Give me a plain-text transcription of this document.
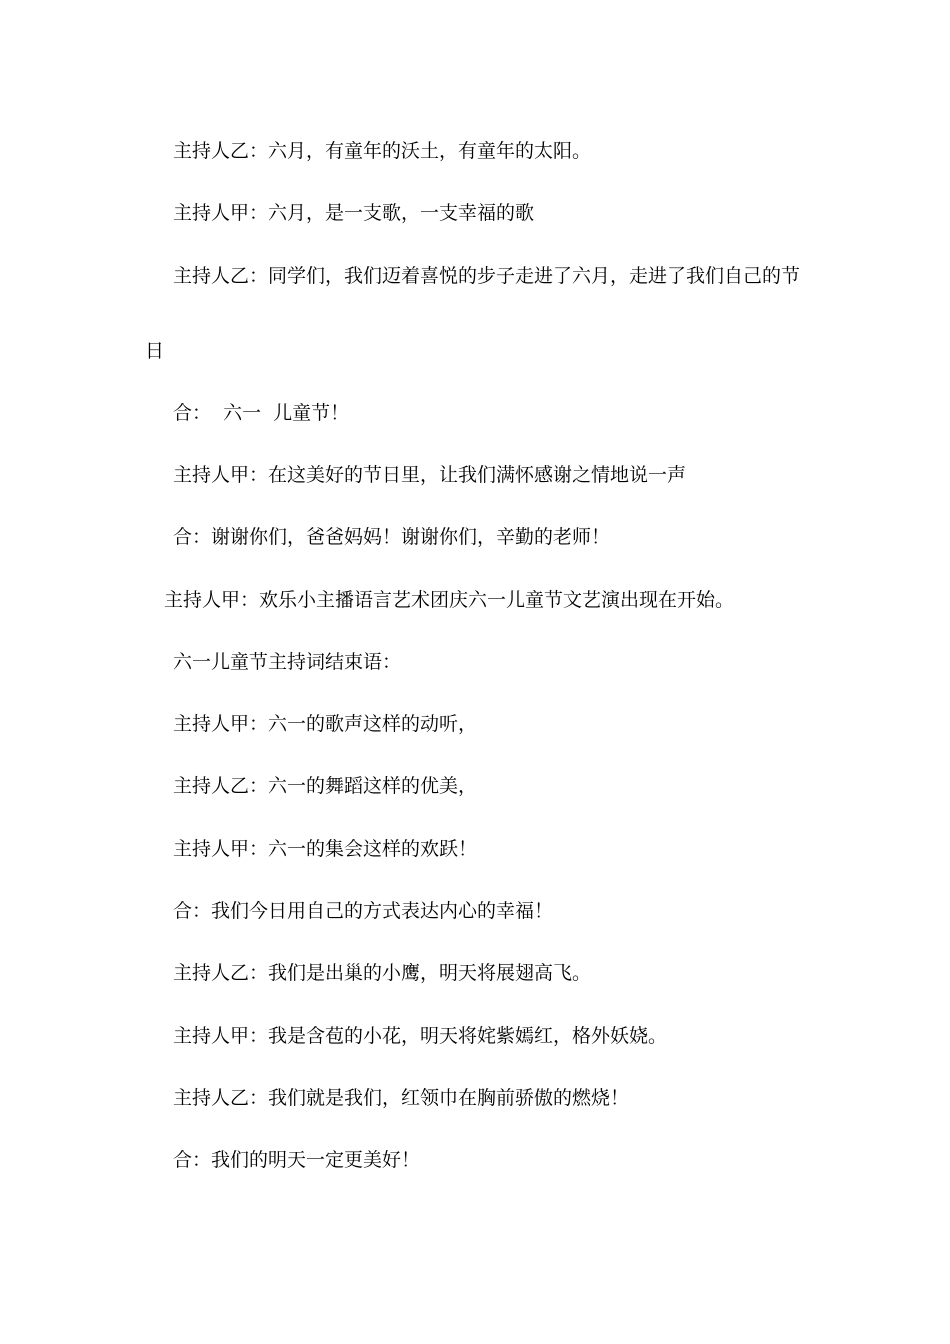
主持人乙：六月，有童年的沃土，有童年的太阳。
主持人甲：六月，是一支歌，一支幸福的歌
主持人乙：同学们，我们迈着喜悦的步子走进了六月，走进了我们自己的节
日
合：  六一  儿童节！
主持人甲：在这美好的节日里，让我们满怀感谢之情地说一声
合：谢谢你们，爸爸妈妈！谢谢你们，辛勤的老师！
主持人甲：欢乐小主播语言艺术团庆六一儿童节文艺演出现在开始。
六一儿童节主持词结束语：
主持人甲：六一的歌声这样的动听，
主持人乙：六一的舞蹈这样的优美，
主持人甲：六一的集会这样的欢跃！
合：我们今日用自己的方式表达内心的幸福！
主持人乙：我们是出巢的小鹰，明天将展翅高飞。
主持人甲：我是含苞的小花，明天将姹紫嫣红，格外妖娆。
主持人乙：我们就是我们，红领巾在胸前骄傲的燃烧！
合：我们的明天一定更美好！
